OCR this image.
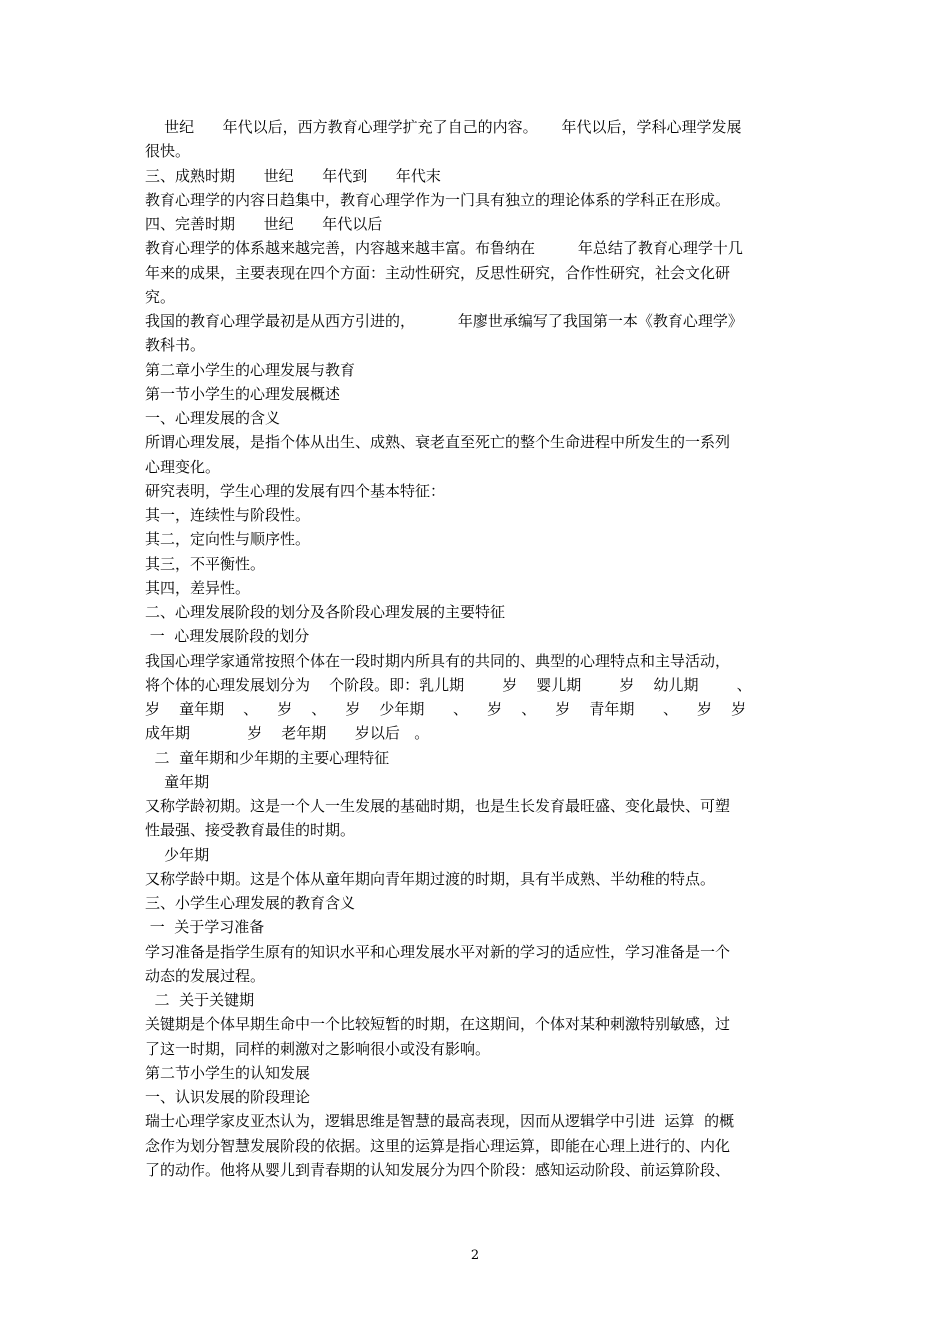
世纪      年代以后，西方教育心理学扩充了自己的内容。     年代以后，学科心理学发展
很快。
三、成熟时期      世纪      年代到      年代末
教育心理学的内容日趋集中，教育心理学作为一门具有独立的理论体系的学科正在形成。
四、完善时期      世纪      年代以后
教育心理学的体系越来越完善，内容越来越丰富。布鲁纳在         年总结了教育心理学十几
年来的成果，主要表现在四个方面：主动性研究，反思性研究，合作性研究，社会文化研
究。
我国的教育心理学最初是从西方引进的，         年廖世承编写了我国第一本《教育心理学》
教科书。
第二章小学生的心理发展与教育
第一节小学生的心理发展概述
一、心理发展的含义
所谓心理发展，是指个体从出生、成熟、衰老直至死亡的整个生命进程中所发生的一系列
心理变化。
研究表明，学生心理的发展有四个基本特征：
其一，连续性与阶段性。
其二，定向性与顺序性。
其三，不平衡性。
其四，差异性。
二、心理发展阶段的划分及各阶段心理发展的主要特征
一  心理发展阶段的划分
我国心理学家通常按照个体在一段时期内所具有的共同的、典型的心理特点和主导活动，
将个体的心理发展划分为    个阶段。即：乳儿期        岁    婴儿期        岁    幼儿期        、
岁    童年期    、    岁    、    岁    少年期      、    岁    、    岁    青年期      、    岁    岁
成年期            岁    老年期      岁以后   。
二  童年期和少年期的主要心理特征
童年期
又称学龄初期。这是一个人一生发展的基础时期，也是生长发育最旺盛、变化最快、可塑
性最强、接受教育最佳的时期。
少年期
又称学龄中期。这是个体从童年期向青年期过渡的时期，具有半成熟、半幼稚的特点。
三、小学生心理发展的教育含义
一  关于学习准备
学习准备是指学生原有的知识水平和心理发展水平对新的学习的适应性，学习准备是一个
动态的发展过程。
二  关于关键期
关键期是个体早期生命中一个比较短暂的时期，在这期间，个体对某种刺激特别敏感，过
了这一时期，同样的刺激对之影响很小或没有影响。
第二节小学生的认知发展
一、认识发展的阶段理论
瑞士心理学家皮亚杰认为，逻辑思维是智慧的最高表现，因而从逻辑学中引进  运算  的概
念作为划分智慧发展阶段的依据。这里的运算是指心理运算，即能在心理上进行的、内化
了的动作。他将从婴儿到青春期的认知发展分为四个阶段：感知运动阶段、前运算阶段、
2
